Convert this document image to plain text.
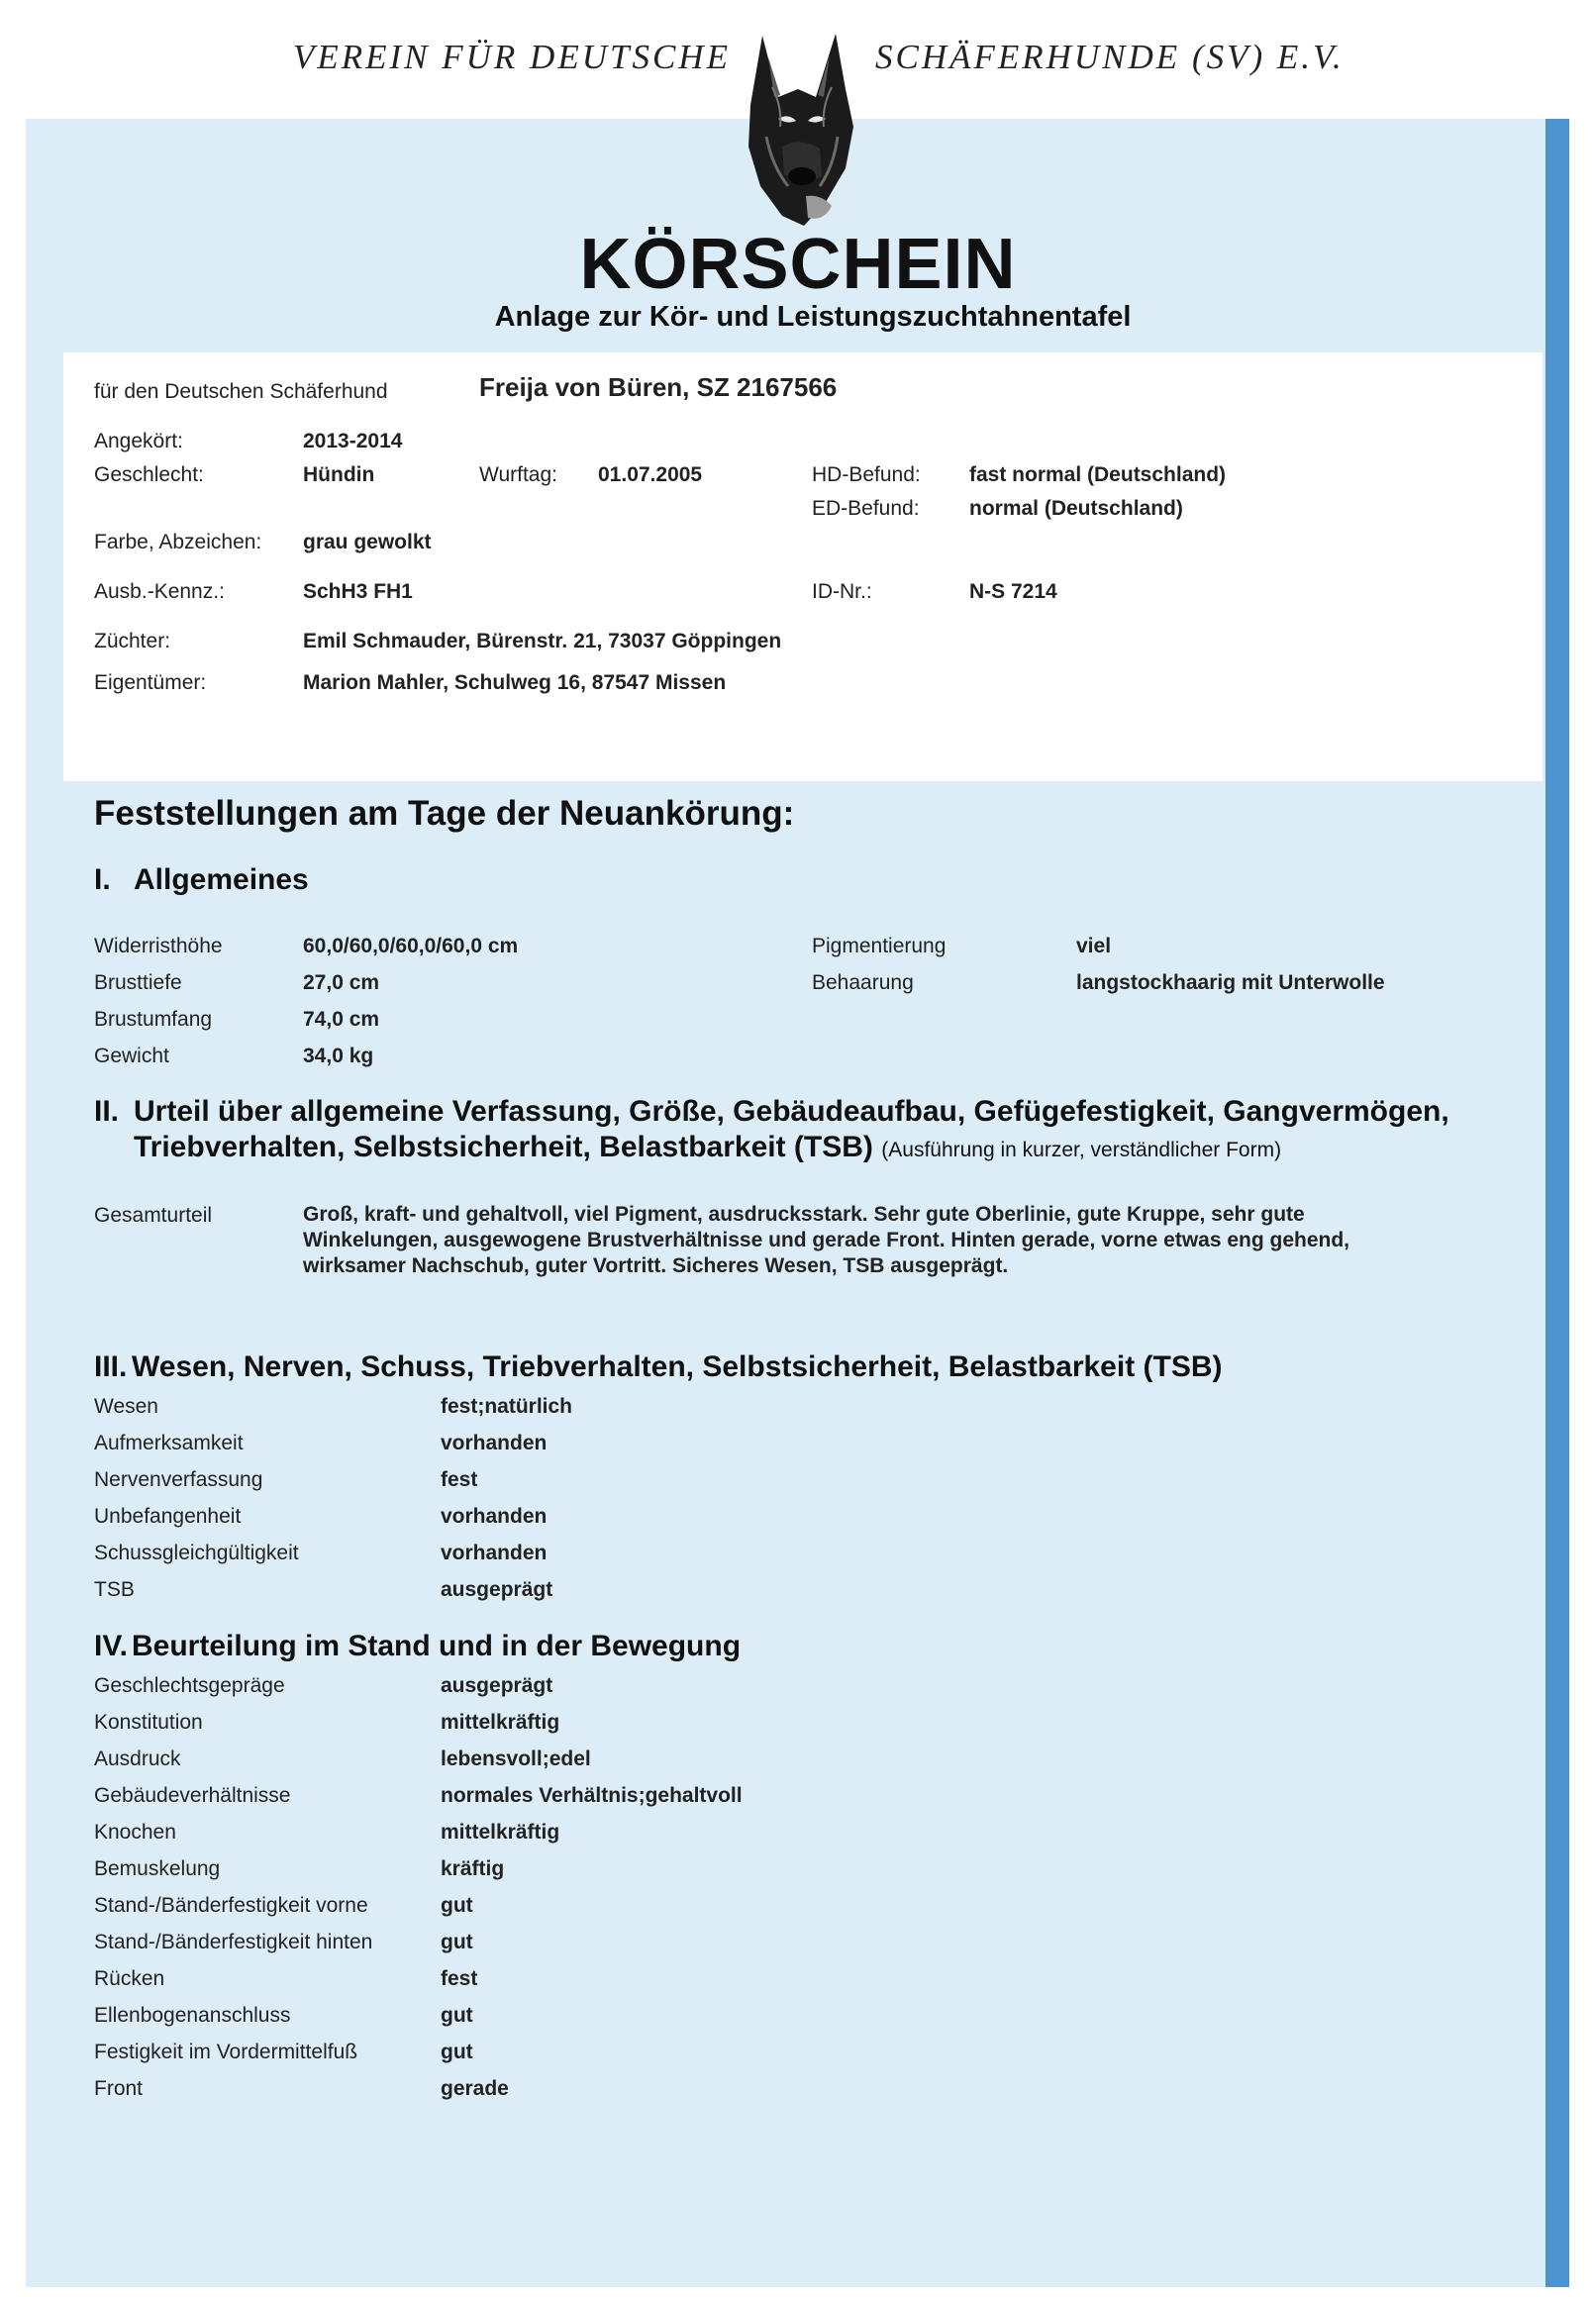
VEREIN FÜR DEUTSCHE	SCHÄFERHUNDE (SV) E.V.
KÖRSCHEIN
Anlage zur Kör- und Leistungszuchtahnentafel
für den Deutschen Schäferhund	Freija von Büren, SZ 2167566
Angekört:	2013-2014
Geschlecht:	Hündin	Wurftag: 01.07.2005	HD-Befund: fast normal (Deutschland)
ED-Befund: normal (Deutschland)
Farbe, Abzeichen: grau gewolkt
Ausb.-Kennz.:	SchH3 FH1	ID-Nr.:	N-S 7214
Züchter:	Emil Schmauder, Bürenstr. 21, 73037 Göppingen
Eigentümer:	Marion Mahler, Schulweg 16, 87547 Missen
Feststellungen am Tage der Neuankörung:
I. Allgemeines
Widerristhöhe	60,0/60,0/60,0/60,0 cm
Brusttiefe	27,0 cm
Brustumfang	74,0 cm
Gewicht	34,0 kg
Pigmentierung	viel
Behaarung	langstockhaarig mit Unterwolle
II. Urteil über allgemeine Verfassung, Größe, Gebäudeaufbau, Gefügefestigkeit, Gangvermögen,
Triebverhalten, Selbstsicherheit, Belastbarkeit (TSB) (Ausführung in kurzer, verständlicher Form)
Gesamturteil	Groß, kraft- und gehaltvoll, viel Pigment, ausdrucksstark. Sehr gute Oberlinie, gute Kruppe, sehr gute Winkelungen, ausgewogene Brustverhältnisse und gerade Front. Hinten gerade, vorne etwas eng gehend, wirksamer Nachschub, guter Vortritt. Sicheres Wesen, TSB ausgeprägt.
III. Wesen, Nerven, Schuss, Triebverhalten, Selbstsicherheit, Belastbarkeit (TSB)
Wesen	fest;natürlich
Aufmerksamkeit	vorhanden
Nervenverfassung	fest
Unbefangenheit	vorhanden
Schussgleichgültigkeit	vorhanden
TSB	ausgeprägt
IV. Beurteilung im Stand und in der Bewegung
Geschlechtsgepräge	ausgeprägt
Konstitution	mittelkräftig
Ausdruck	lebensvoll;edel
Gebäudeverhältnisse	normales Verhältnis;gehaltvoll
Knochen	mittelkräftig
Bemuskelung	kräftig
Stand-/Bänderfestigkeit vorne	gut
Stand-/Bänderfestigkeit hinten	gut
Rücken	fest
Ellenbogenanschluss	gut
Festigkeit im Vordermittelfuß	gut
Front	gerade
